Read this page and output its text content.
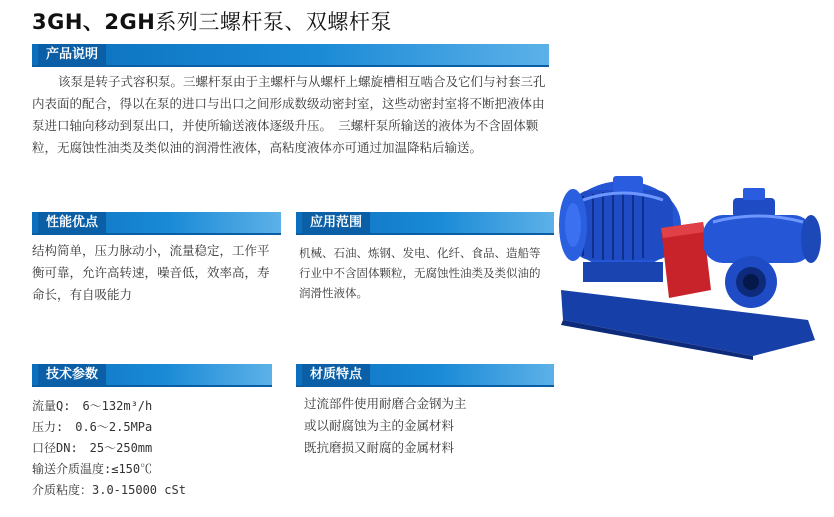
3GH、2GH系列三螺杆泵、双螺杆泵
产品说明

该泵是转子式容积泵。三螺杆泵由于主螺杆与从螺杆上螺旋槽相互啮合及它们与衬套三孔内表面的配合，得以在泵的进口与出口之间形成数级动密封室，这些动密封室将不断把液体由泵进口轴向移动到泵出口，并使所输送液体逐级升压。　三螺杆泵所输送的液体为不含固体颗粒，无腐蚀性油类及类似油的润滑性液体，高粘度液体亦可通过加温降粘后输送。

性能优点

结构简单，压力脉动小，流量稳定，工作平衡可靠，允许高转速，噪音低，效率高，寿命长，有自吸能力

应用范围

机械、石油、炼钢、发电、化纤、食品、造船等行业中不含固体颗粒，无腐蚀性油类及类似油的润滑性液体。

技术参数

流量Q:　6～132m³/h

压力:　0.6～2.5MPa

口径DN:　25～250mm

输送介质温度:≤150℃

介质粘度：3.0-15000 cSt

材质特点

过流部件使用耐磨合金钢为主

或以耐腐蚀为主的金属材料

既抗磨损又耐腐的金属材料
